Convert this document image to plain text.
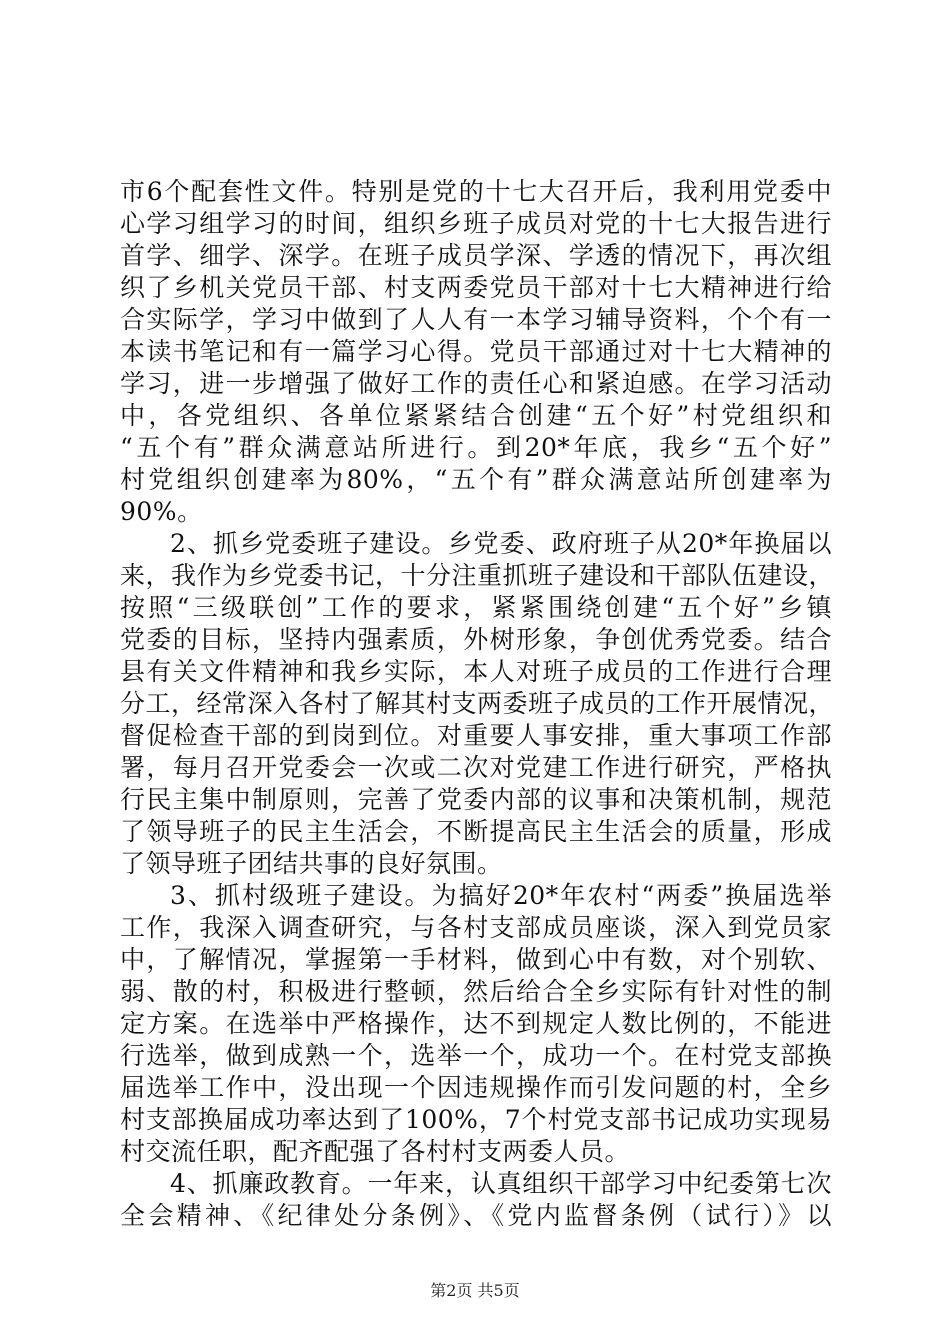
市6个配套性文件。特别是党的十七大召开后，我利用党委中
心学习组学习的时间，组织乡班子成员对党的十七大报告进行
首学、细学、深学。在班子成员学深、学透的情况下，再次组
织了乡机关党员干部、村支两委党员干部对十七大精神进行给
合实际学，学习中做到了人人有一本学习辅导资料，个个有一
本读书笔记和有一篇学习心得。党员干部通过对十七大精神的
学习，进一步增强了做好工作的责任心和紧迫感。在学习活动
中，各党组织、各单位紧紧结合创建“五个好”村党组织和
“五个有”群众满意站所进行。到20*年底，我乡“五个好”
村党组织创建率为80%，“五个有”群众满意站所创建率为
90%。
2、抓乡党委班子建设。乡党委、政府班子从20*年换届以
来，我作为乡党委书记，十分注重抓班子建设和干部队伍建设，
按照“三级联创”工作的要求，紧紧围绕创建“五个好”乡镇
党委的目标，坚持内强素质，外树形象，争创优秀党委。结合
县有关文件精神和我乡实际，本人对班子成员的工作进行合理
分工，经常深入各村了解其村支两委班子成员的工作开展情况，
督促检查干部的到岗到位。对重要人事安排，重大事项工作部
署，每月召开党委会一次或二次对党建工作进行研究，严格执
行民主集中制原则，完善了党委内部的议事和决策机制，规范
了领导班子的民主生活会，不断提高民主生活会的质量，形成
了领导班子团结共事的良好氛围。
3、抓村级班子建设。为搞好20*年农村“两委”换届选举
工作，我深入调查研究，与各村支部成员座谈，深入到党员家
中，了解情况，掌握第一手材料，做到心中有数，对个别软、
弱、散的村，积极进行整顿，然后给合全乡实际有针对性的制
定方案。在选举中严格操作，达不到规定人数比例的，不能进
行选举，做到成熟一个，选举一个，成功一个。在村党支部换
届选举工作中，没出现一个因违规操作而引发问题的村，全乡
村支部换届成功率达到了100%，7个村党支部书记成功实现易
村交流任职，配齐配强了各村村支两委人员。
4、抓廉政教育。一年来，认真组织干部学习中纪委第七次
全会精神、《纪律处分条例》、《党内监督条例（试行）》以
第2页 共5页
